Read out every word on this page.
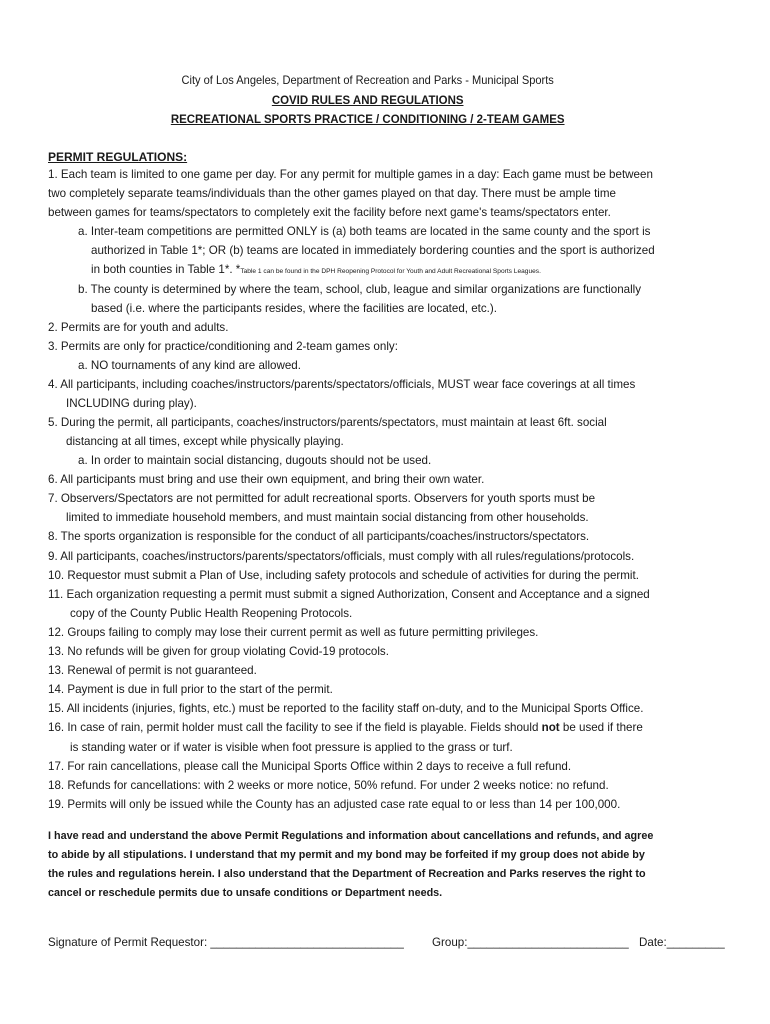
City of Los Angeles, Department of Recreation and Parks - Municipal Sports
COVID RULES AND REGULATIONS
RECREATIONAL SPORTS PRACTICE / CONDITIONING / 2-TEAM GAMES
PERMIT REGULATIONS:
1. Each team is limited to one game per day. For any permit for multiple games in a day: Each game must be between
two completely separate teams/individuals than the other games played on that day. There must be ample time
between games for teams/spectators to completely exit the facility before next game's teams/spectators enter.
a. Inter-team competitions are permitted ONLY is (a) both teams are located in the same county and the sport is
authorized in Table 1*; OR (b) teams are located in immediately bordering counties and the sport is authorized
in both counties in Table 1*. *Table 1 can be found in the DPH Reopening Protocol for Youth and Adult Recreational Sports Leagues.
b. The county is determined by where the team, school, club, league and similar organizations are functionally
based (i.e. where the participants resides, where the facilities are located, etc.).
2. Permits are for youth and adults.
3. Permits are only for practice/conditioning and 2-team games only:
a. NO tournaments of any kind are allowed.
4. All participants, including coaches/instructors/parents/spectators/officials, MUST wear face coverings at all times
INCLUDING during play).
5. During the permit, all participants, coaches/instructors/parents/spectators, must maintain at least 6ft. social
distancing at all times, except while physically playing.
a. In order to maintain social distancing, dugouts should not be used.
6. All participants must bring and use their own equipment, and bring their own water.
7. Observers/Spectators are not permitted for adult recreational sports. Observers for youth sports must be
limited to immediate household members, and must maintain social distancing from other households.
8. The sports organization is responsible for the conduct of all participants/coaches/instructors/spectators.
9. All participants, coaches/instructors/parents/spectators/officials, must comply with all rules/regulations/protocols.
10. Requestor must submit a Plan of Use, including safety protocols and schedule of activities for during the permit.
11. Each organization requesting a permit must submit a signed Authorization, Consent and Acceptance and a signed
copy of the County Public Health Reopening Protocols.
12. Groups failing to comply may lose their current permit as well as future permitting privileges.
13. No refunds will be given for group violating Covid-19 protocols.
13. Renewal of permit is not guaranteed.
14. Payment is due in full prior to the start of the permit.
15. All incidents (injuries, fights, etc.) must be reported to the facility staff on-duty, and to the Municipal Sports Office.
16. In case of rain, permit holder must call the facility to see if the field is playable. Fields should not be used if there
is standing water or if water is visible when foot pressure is applied to the grass or turf.
17. For rain cancellations, please call the Municipal Sports Office within 2 days to receive a full refund.
18. Refunds for cancellations: with 2 weeks or more notice, 50% refund. For under 2 weeks notice: no refund.
19. Permits will only be issued while the County has an adjusted case rate equal to or less than 14 per 100,000.
I have read and understand the above Permit Regulations and information about cancellations and refunds, and agree
to abide by all stipulations. I understand that my permit and my bond may be forfeited if my group does not abide by
the rules and regulations herein. I also understand that the Department of Recreation and Parks reserves the right to
cancel or reschedule permits due to unsafe conditions or Department needs.
Signature of Permit Requestor: ______________________________ Group:_________________________ Date:_________
